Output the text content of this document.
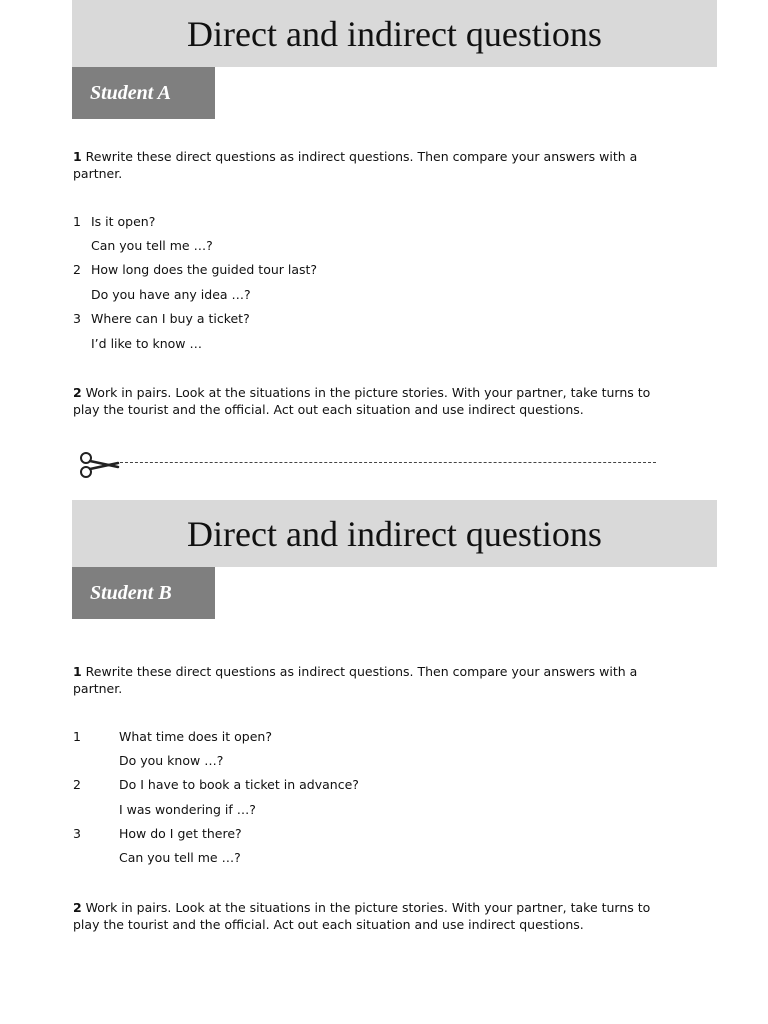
Direct and indirect questions
Student A
1 Rewrite these direct questions as indirect questions. Then compare your answers with a partner.
1 Is it open?
Can you tell me …?
2 How long does the guided tour last?
Do you have any idea …?
3 Where can I buy a ticket?
I’d like to know …
2 Work in pairs. Look at the situations in the picture stories. With your partner, take turns to play the tourist and the official. Act out each situation and use indirect questions.
Direct and indirect questions
Student B
1 Rewrite these direct questions as indirect questions. Then compare your answers with a partner.
1	What time does it open?
Do you know …?
2	Do I have to book a ticket in advance?
I was wondering if …?
3	How do I get there?
Can you tell me …?
2 Work in pairs. Look at the situations in the picture stories. With your partner, take turns to play the tourist and the official. Act out each situation and use indirect questions.
